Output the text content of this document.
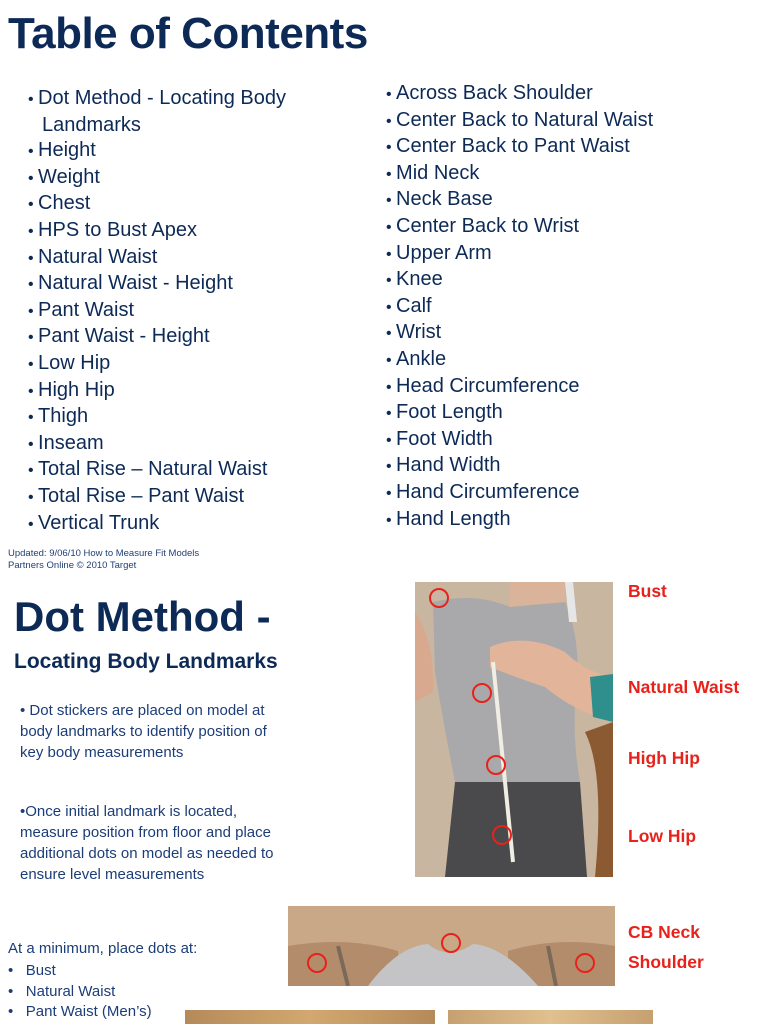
Table of Contents
• Dot Method - Locating Body Landmarks
• Height
• Weight
• Chest
• HPS to Bust Apex
• Natural Waist
• Natural Waist - Height
• Pant Waist
• Pant Waist - Height
• Low Hip
• High Hip
• Thigh
• Inseam
• Total Rise – Natural Waist
• Total Rise – Pant Waist
• Vertical Trunk
• Across Back Shoulder
• Center Back to Natural Waist
• Center Back to Pant Waist
• Mid Neck
• Neck Base
• Center Back to Wrist
• Upper Arm
• Knee
• Calf
• Wrist
• Ankle
• Head Circumference
• Foot Length
• Foot Width
• Hand Width
• Hand Circumference
• Hand Length
Updated: 9/06/10 How to Measure Fit Models
Partners Online © 2010 Target
Dot Method -
Locating Body Landmarks
• Dot stickers are placed on model at body landmarks to identify position of key body measurements
•Once initial landmark is located, measure position from floor and place additional dots on model as needed to ensure level measurements
At a minimum, place dots at:
•   Bust
•   Natural Waist
•   Pant Waist (Men’s)
Bust
Natural Waist
High Hip
Low Hip
CB Neck
Shoulder
